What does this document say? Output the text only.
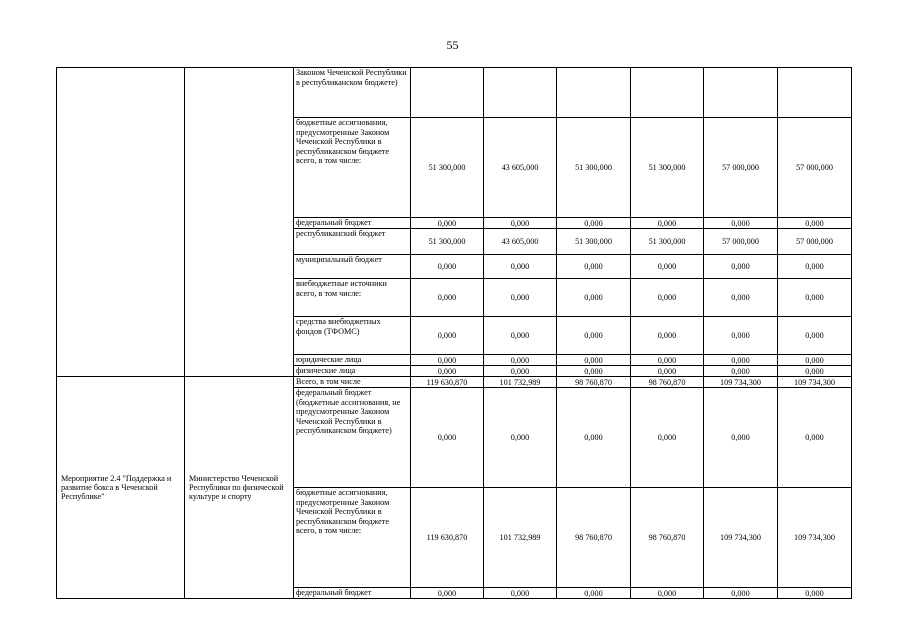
55
		Законом Чеченской Республики в республиканском бюджете)						
		бюджетные ассигнования, предусмотренные Законом Чеченской Республики в республиканском бюджете всего, в том числе:	51 300,000	43 605,000	51 300,000	51 300,000	57 000,000	57 000,000
		федеральный бюджет	0,000	0,000	0,000	0,000	0,000	0,000
		республиканский бюджет	51 300,000	43 605,000	51 300,000	51 300,000	57 000,000	57 000,000
		муниципальный бюджет	0,000	0,000	0,000	0,000	0,000	0,000
		внебюджетные источники всего, в том числе:	0,000	0,000	0,000	0,000	0,000	0,000
		средства внебюджетных фондов (ТФОМС)	0,000	0,000	0,000	0,000	0,000	0,000
		юридические лица	0,000	0,000	0,000	0,000	0,000	0,000
		физические лица	0,000	0,000	0,000	0,000	0,000	0,000
Мероприятие 2.4 "Поддержка и развитие бокса в Чеченской Республике"	Министерство Чеченской Республики по физической культуре и спорту	Всего, в том числе	119 630,870	101 732,989	98 760,870	98 760,870	109 734,300	109 734,300
		федеральный бюджет (бюджетные ассигнования, не предусмотренные Законом Чеченской Республики в республиканском бюджете)	0,000	0,000	0,000	0,000	0,000	0,000
		бюджетные ассигнования, предусмотренные Законом Чеченской Республики в республиканском бюджете всего, в том числе:	119 630,870	101 732,989	98 760,870	98 760,870	109 734,300	109 734,300
		федеральный бюджет	0,000	0,000	0,000	0,000	0,000	0,000
